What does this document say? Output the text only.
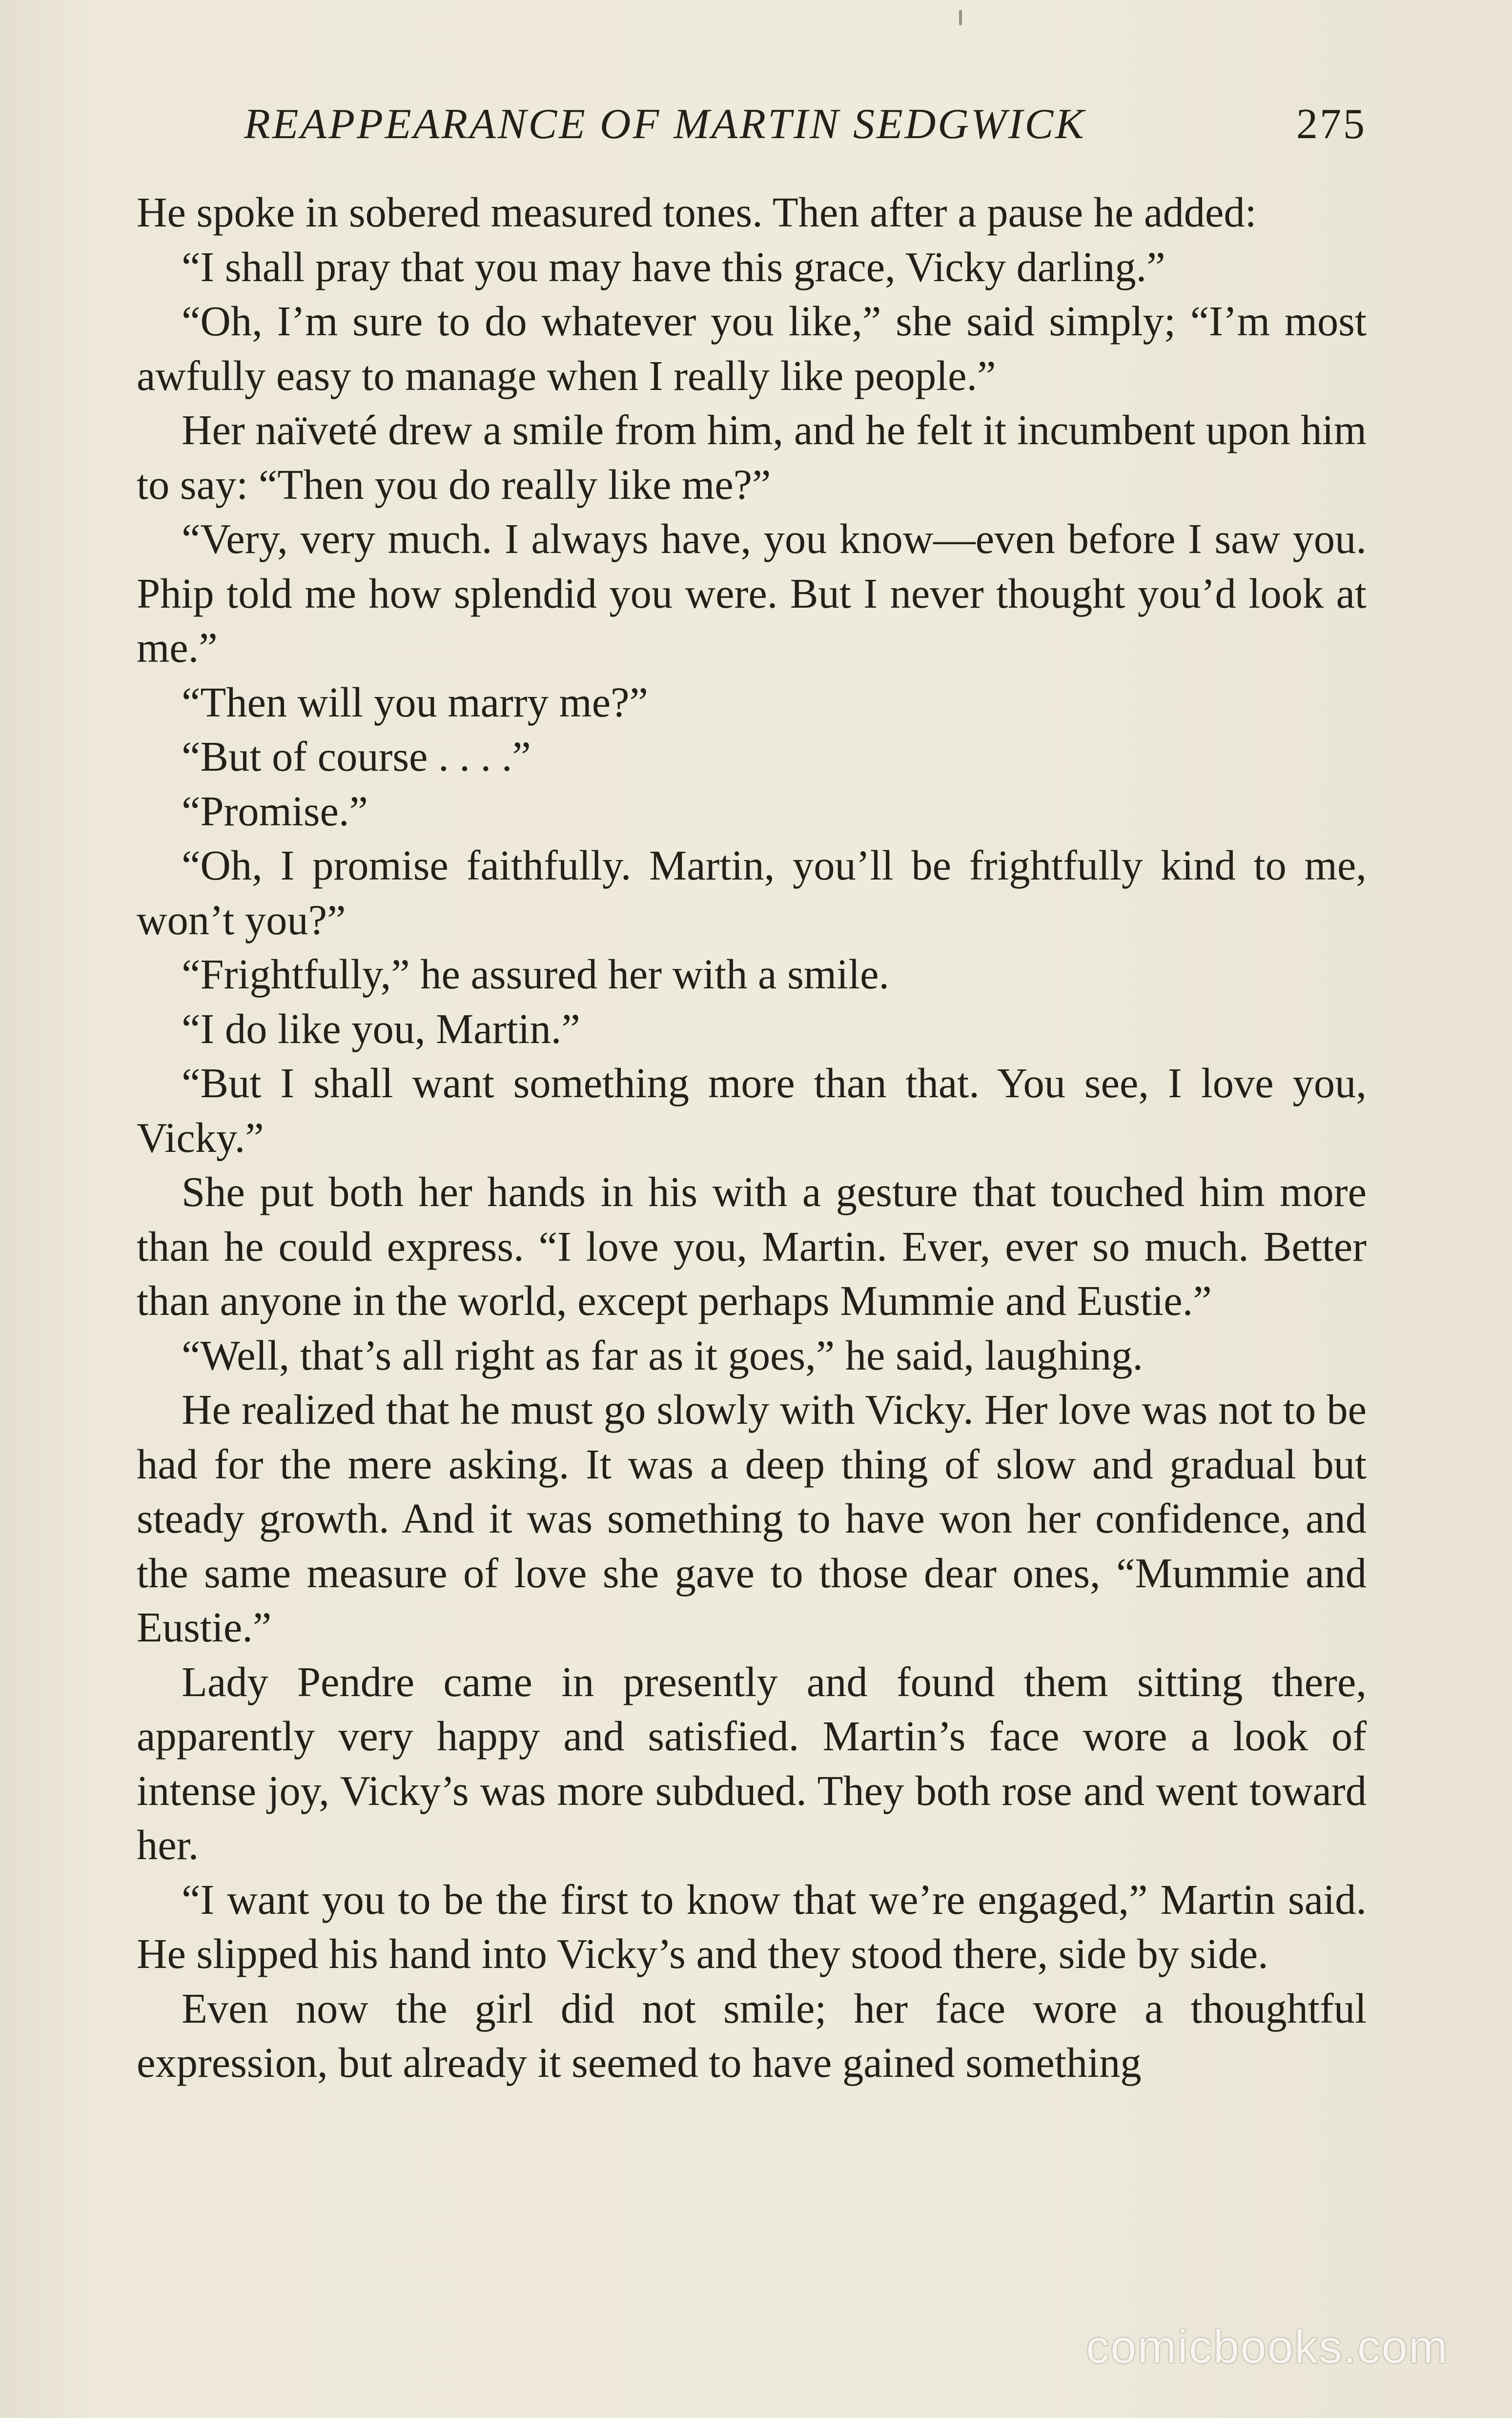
REAPPEARANCE OF MARTIN SEDGWICK	275

He spoke in sobered measured tones. Then after a pause he added:

“I shall pray that you may have this grace, Vicky darling.”

“Oh, I’m sure to do whatever you like,” she said simply; “I’m most awfully easy to manage when I really like people.”

Her naïveté drew a smile from him, and he felt it incumbent upon him to say: “Then you do really like me?”

“Very, very much. I always have, you know—even before I saw you. Phip told me how splendid you were. But I never thought you’d look at me.”

“Then will you marry me?”

“But of course . . . .”

“Promise.”

“Oh, I promise faithfully. Martin, you’ll be frightfully kind to me, won’t you?”

“Frightfully,” he assured her with a smile.

“I do like you, Martin.”

“But I shall want something more than that. You see, I love you, Vicky.”

She put both her hands in his with a gesture that touched him more than he could express. “I love you, Martin. Ever, ever so much. Better than anyone in the world, except perhaps Mummie and Eustie.”

“Well, that’s all right as far as it goes,” he said, laughing.

He realized that he must go slowly with Vicky. Her love was not to be had for the mere asking. It was a deep thing of slow and gradual but steady growth. And it was something to have won her confidence, and the same measure of love she gave to those dear ones, “Mummie and Eustie.”

Lady Pendre came in presently and found them sitting there, apparently very happy and satisfied. Martin’s face wore a look of intense joy, Vicky’s was more subdued. They both rose and went toward her.

“I want you to be the first to know that we’re engaged,” Martin said. He slipped his hand into Vicky’s and they stood there, side by side.

Even now the girl did not smile; her face wore a thoughtful expression, but already it seemed to have gained something

comicbooks.com
